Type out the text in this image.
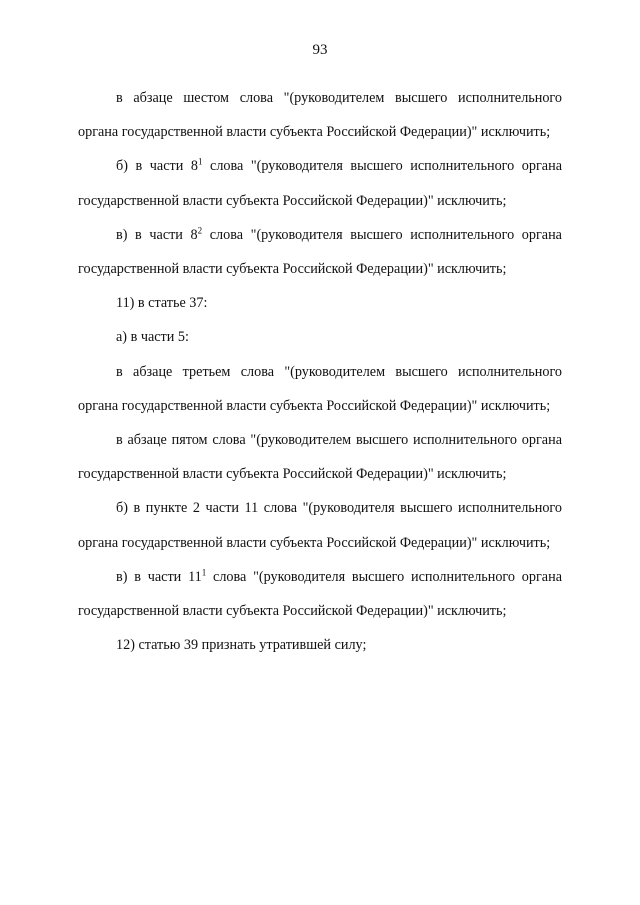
93

в абзаце шестом слова "(руководителем высшего исполнительного органа государственной власти субъекта Российской Федерации)" исключить;

б) в части $8^1$ слова "(руководителя высшего исполнительного органа государственной власти субъекта Российской Федерации)" исключить;

в) в части $8^2$ слова "(руководителя высшего исполнительного органа государственной власти субъекта Российской Федерации)" исключить;

11) в статье 37:

а) в части 5:

в абзаце третьем слова "(руководителем высшего исполнительного органа государственной власти субъекта Российской Федерации)" исключить;

в абзаце пятом слова "(руководителем высшего исполнительного органа государственной власти субъекта Российской Федерации)" исключить;

б) в пункте 2 части 11 слова "(руководителя высшего исполнительного органа государственной власти субъекта Российской Федерации)" исключить;

в) в части $11^1$ слова "(руководителя высшего исполнительного органа государственной власти субъекта Российской Федерации)" исключить;

12) статью 39 признать утратившей силу;
